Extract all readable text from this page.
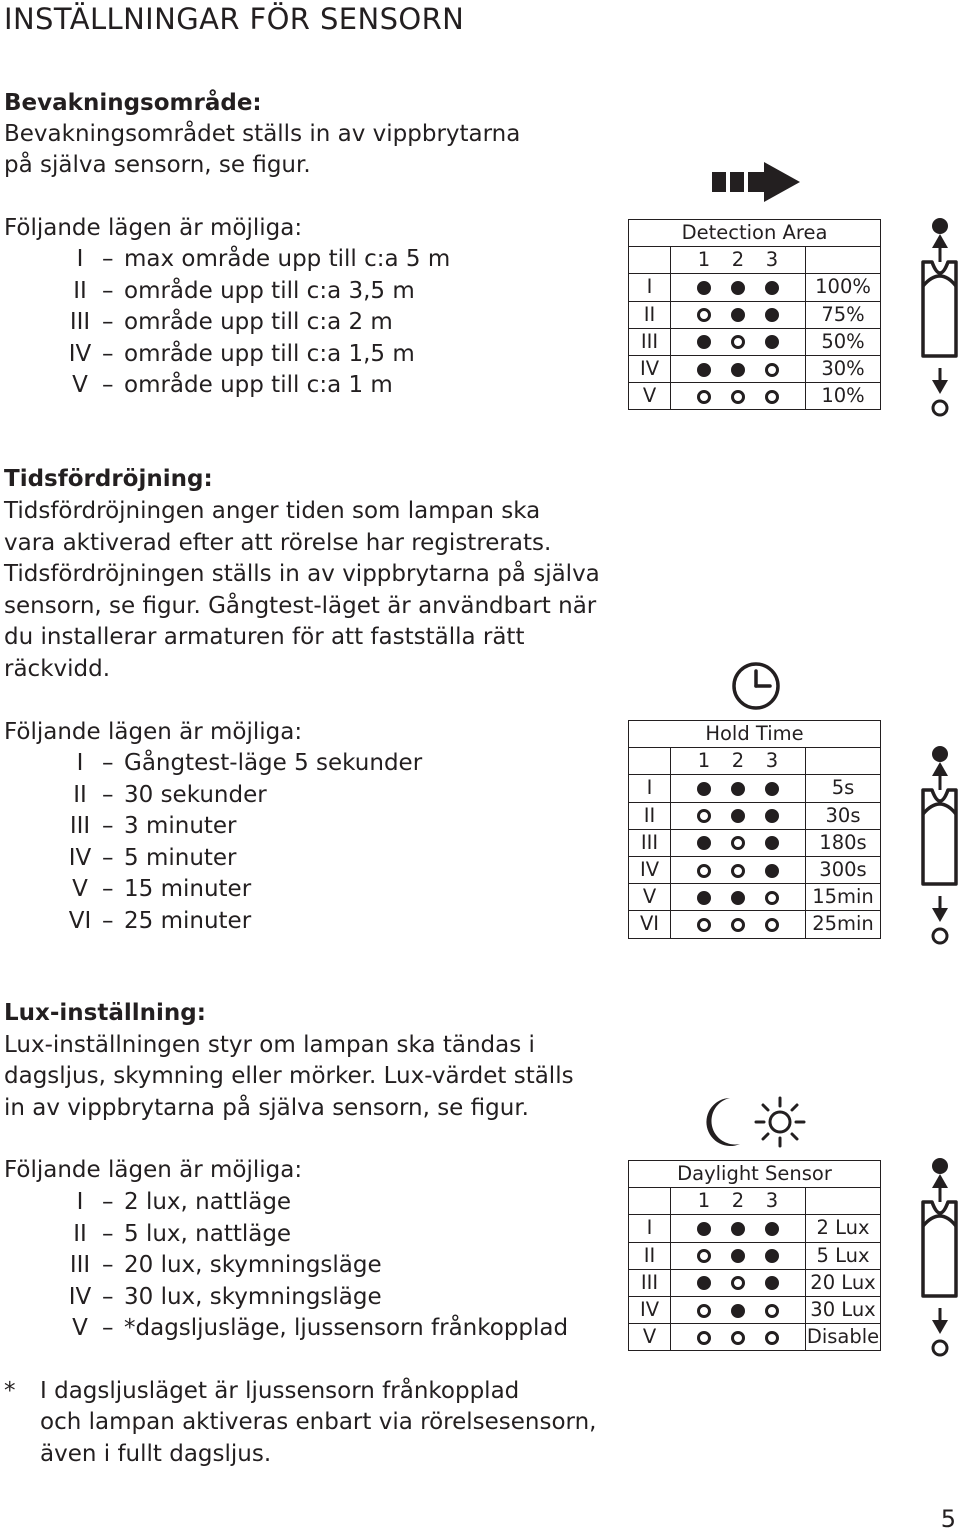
INSTÄLLNINGAR FÖR SENSORN
Bevakningsområde:
Bevakningsområdet ställs in av vippbrytarna
på själva sensorn, se figur.
Följande lägen är möjliga:
I – max område upp till c:a 5 m
II – område upp till c:a 3,5 m
III – område upp till c:a 2 m
IV – område upp till c:a 1,5 m
V – område upp till c:a 1 m
Detection Area		
	1 2 3	
I		100%
II		75%
III		50%
IV		30%
V		10%
Tidsfördröjning:
Tidsfördröjningen anger tiden som lampan ska
vara aktiverad efter att rörelse har registrerats.
Tidsfördröjningen ställs in av vippbrytarna på själva
sensorn, se figur. Gångtest-läget är användbart när
du installerar armaturen för att fastställa rätt
räckvidd.
Följande lägen är möjliga:
I – Gångtest-läge 5 sekunder
II – 30 sekunder
III – 3 minuter
IV – 5 minuter
V – 15 minuter
VI – 25 minuter
Hold Time		
	1 2 3	
I		5s
II		30s
III		180s
IV		300s
V		15min
VI		25min
Lux-inställning:
Lux-inställningen styr om lampan ska tändas i
dagsljus, skymning eller mörker. Lux-värdet ställs
in av vippbrytarna på själva sensorn, se figur.
Följande lägen är möjliga:
I – 2 lux, nattläge
II – 5 lux, nattläge
III – 20 lux, skymningsläge
IV – 30 lux, skymningsläge
V – *dagsljusläge, ljussensorn frånkopplad
Daylight Sensor		
	1 2 3	
I		2 Lux
II		5 Lux
III		20 Lux
IV		30 Lux
V		Disable
* I dagsljusläget är ljussensorn frånkopplad
och lampan aktiveras enbart via rörelsesensorn,
även i fullt dagsljus.
5
